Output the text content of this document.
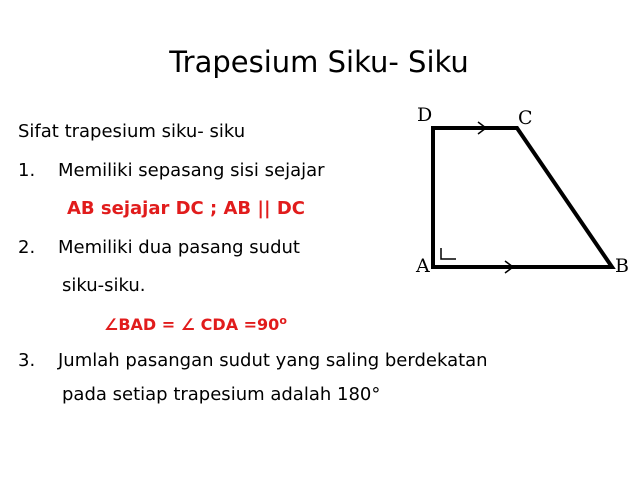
Trapesium Siku- Siku
Sifat trapesium siku- siku
1. Memiliki sepasang sisi sejajar
AB sejajar DC ; AB || DC
2. Memiliki dua pasang sudut
siku-siku.
∠BAD = ∠ CDA $=90^o$
3. Jumlah pasangan sudut yang saling berdekatan
pada setiap trapesium adalah 180°
D	C
A	B
